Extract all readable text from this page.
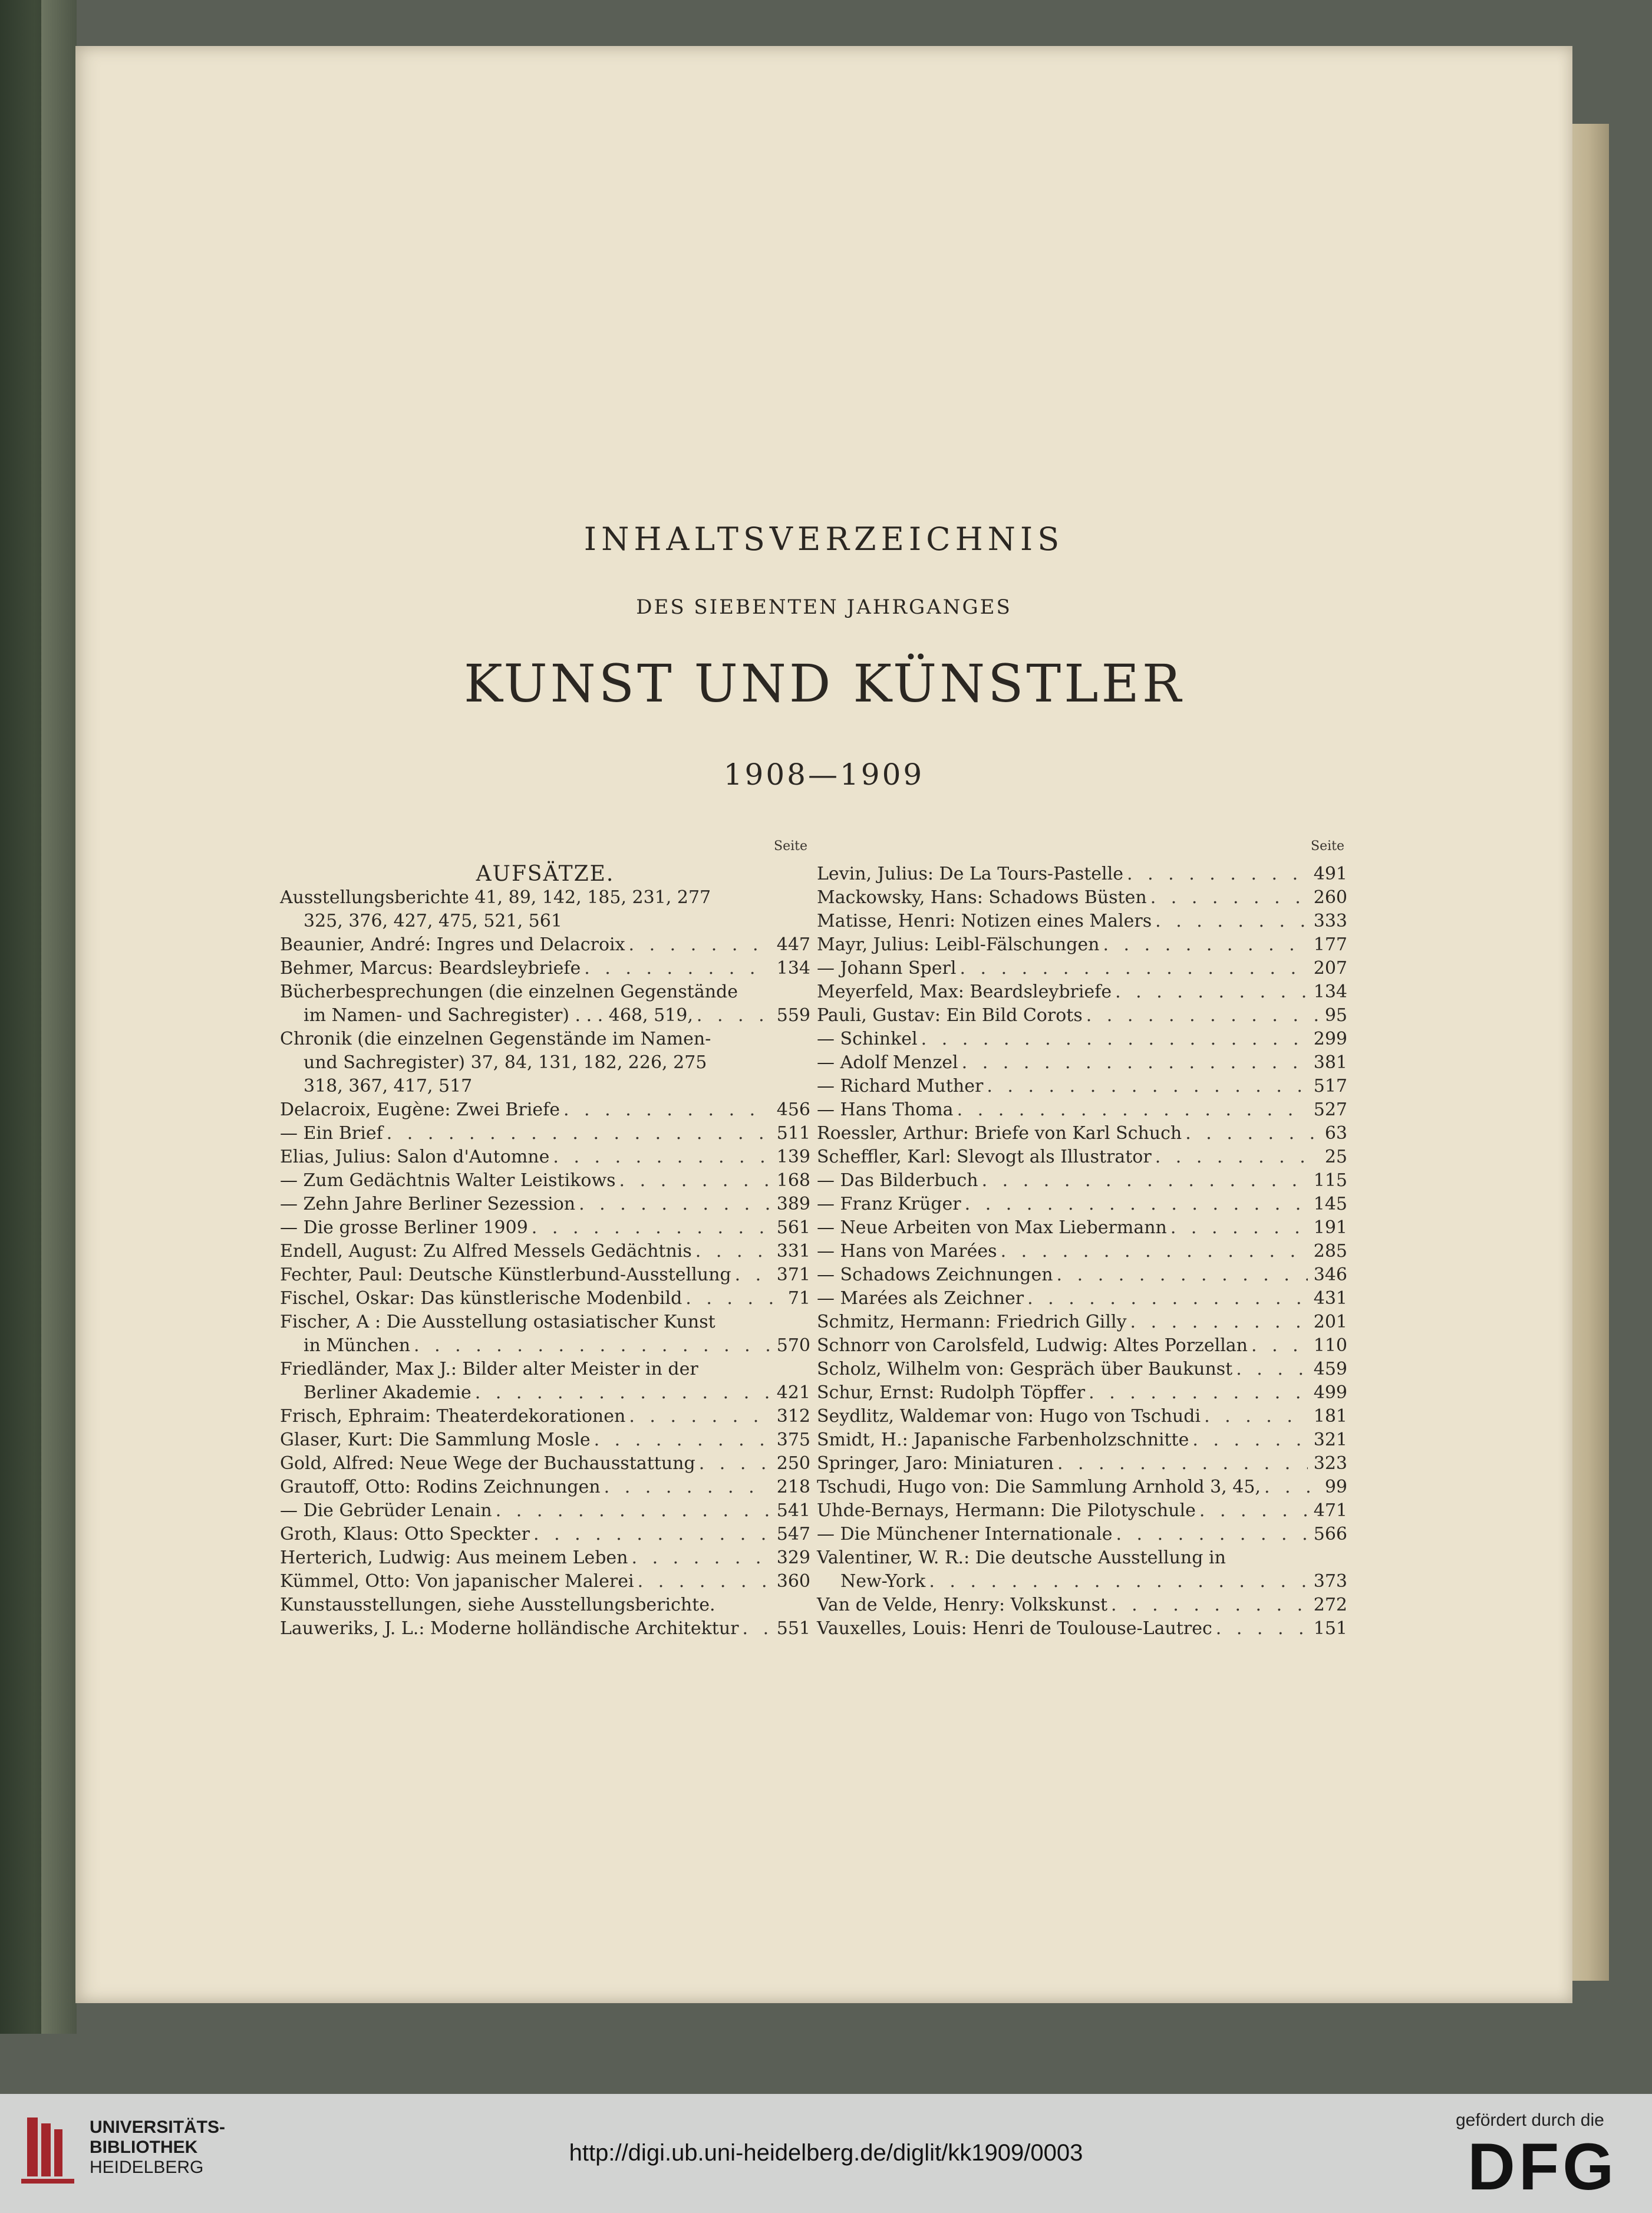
INHALTSVERZEICHNIS
DES SIEBENTEN JAHRGANGES
KUNST UND KÜNSTLER
1908—1909
Seite
AUFSÄTZE.
Ausstellungsberichte 41, 89, 142, 185, 231, 277
325, 376, 427, 475, 521, 561
Beaunier, André: Ingres und Delacroix . . .	447
Behmer, Marcus: Beardsleybriefe . . .	134
Bücherbesprechungen (die einzelnen Gegenstände
im Namen- und Sachregister) . . . 468, 519, . . .	559
Chronik (die einzelnen Gegenstände im Namen-
und Sachregister) 37, 84, 131, 182, 226, 275
318, 367, 417, 517
Delacroix, Eugène: Zwei Briefe . . .	456
— Ein Brief . . .	511
Elias, Julius: Salon d'Automne . . .	139
— Zum Gedächtnis Walter Leistikows . . .	168
— Zehn Jahre Berliner Sezession . . .	389
— Die grosse Berliner 1909 . . .	561
Endell, August: Zu Alfred Messels Gedächtnis . . .	331
Fechter, Paul: Deutsche Künstlerbund-Ausstellung . . .	371
Fischel, Oskar: Das künstlerische Modenbild . . .	71
Fischer, A : Die Ausstellung ostasiatischer Kunst
in München . . .	570
Friedländer, Max J.: Bilder alter Meister in der
Berliner Akademie . . .	421
Frisch, Ephraim: Theaterdekorationen . . .	312
Glaser, Kurt: Die Sammlung Mosle . . .	375
Gold, Alfred: Neue Wege der Buchausstattung . . .	250
Grautoff, Otto: Rodins Zeichnungen . . .	218
— Die Gebrüder Lenain . . .	541
Groth, Klaus: Otto Speckter . . .	547
Herterich, Ludwig: Aus meinem Leben . . .	329
Kümmel, Otto: Von japanischer Malerei . . .	360
Kunstausstellungen, siehe Ausstellungsberichte.
Lauweriks, J. L.: Moderne holländische Architektur . . .	551
Seite
Levin, Julius: De La Tours-Pastelle . . .	491
Mackowsky, Hans: Schadows Büsten . . .	260
Matisse, Henri: Notizen eines Malers . . .	333
Mayr, Julius: Leibl-Fälschungen . . .	177
— Johann Sperl . . .	207
Meyerfeld, Max: Beardsleybriefe . . .	134
Pauli, Gustav: Ein Bild Corots . . .	95
— Schinkel . . .	299
— Adolf Menzel . . .	381
— Richard Muther . . .	517
— Hans Thoma . . .	527
Roessler, Arthur: Briefe von Karl Schuch . . .	63
Scheffler, Karl: Slevogt als Illustrator . . .	25
— Das Bilderbuch . . .	115
— Franz Krüger . . .	145
— Neue Arbeiten von Max Liebermann . . .	191
— Hans von Marées . . .	285
— Schadows Zeichnungen . . .	346
— Marées als Zeichner . . .	431
Schmitz, Hermann: Friedrich Gilly . . .	201
Schnorr von Carolsfeld, Ludwig: Altes Porzellan . . .	110
Scholz, Wilhelm von: Gespräch über Baukunst . . .	459
Schur, Ernst: Rudolph Töpffer . . .	499
Seydlitz, Waldemar von: Hugo von Tschudi . . .	181
Smidt, H.: Japanische Farbenholzschnitte . . .	321
Springer, Jaro: Miniaturen . . .	323
Tschudi, Hugo von: Die Sammlung Arnhold 3, 45, . . .	99
Uhde-Bernays, Hermann: Die Pilotyschule . . .	471
— Die Münchener Internationale . . .	566
Valentiner, W. R.: Die deutsche Ausstellung in
New-York . . .	373
Van de Velde, Henry: Volkskunst . . .	272
Vauxelles, Louis: Henri de Toulouse-Lautrec . . .	151
UNIVERSITÄTS-
BIBLIOTHEK
HEIDELBERG
http://digi.ub.uni-heidelberg.de/diglit/kk1909/0003
gefördert durch die
DFG
